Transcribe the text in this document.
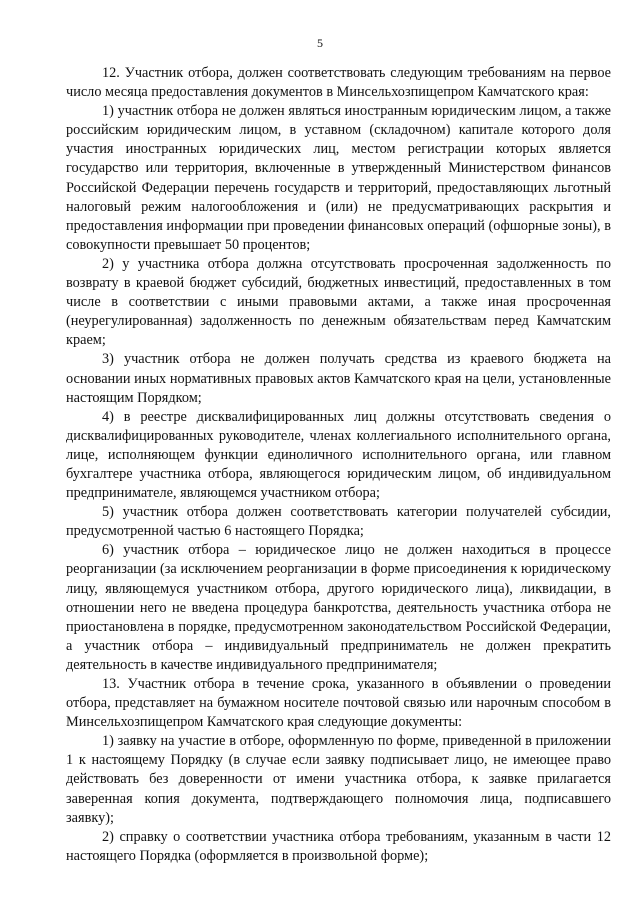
5

12. Участник отбора, должен соответствовать следующим требованиям на первое число месяца предоставления документов в Минсельхозпищепром Камчатского края:

1) участник отбора не должен являться иностранным юридическим лицом, а также российским юридическим лицом, в уставном (складочном) капитале которого доля участия иностранных юридических лиц, местом регистрации которых является государство или территория, включенные в утвержденный Министерством финансов Российской Федерации перечень государств и территорий, предоставляющих льготный налоговый режим налогообложения и (или) не предусматривающих раскрытия и предоставления информации при проведении финансовых операций (офшорные зоны), в совокупности превышает 50 процентов;

2) у участника отбора должна отсутствовать просроченная задолженность по возврату в краевой бюджет субсидий, бюджетных инвестиций, предоставленных в том числе в соответствии с иными правовыми актами, а также иная просроченная (неурегулированная) задолженность по денежным обязательствам перед Камчатским краем;

3) участник отбора не должен получать средства из краевого бюджета на основании иных нормативных правовых актов Камчатского края на цели, установленные настоящим Порядком;

4) в реестре дисквалифицированных лиц должны отсутствовать сведения о дисквалифицированных руководителе, членах коллегиального исполнительного органа, лице, исполняющем функции единоличного исполнительного органа, или главном бухгалтере участника отбора, являющегося юридическим лицом, об индивидуальном предпринимателе, являющемся участником отбора;

5) участник отбора должен соответствовать категории получателей субсидии, предусмотренной частью 6 настоящего Порядка;

6) участник отбора – юридическое лицо не должен находиться в процессе реорганизации (за исключением реорганизации в форме присоединения к юридическому лицу, являющемуся участником отбора, другого юридического лица), ликвидации, в отношении него не введена процедура банкротства, деятельность участника отбора не приостановлена в порядке, предусмотренном законодательством Российской Федерации, а участник отбора – индивидуальный предприниматель не должен прекратить деятельность в качестве индивидуального предпринимателя;

13. Участник отбора в течение срока, указанного в объявлении о проведении отбора, представляет на бумажном носителе почтовой связью или нарочным способом в Минсельхозпищепром Камчатского края следующие документы:

1) заявку на участие в отборе, оформленную по форме, приведенной в приложении 1 к настоящему Порядку (в случае если заявку подписывает лицо, не имеющее право действовать без доверенности от имени участника отбора, к заявке прилагается заверенная копия документа, подтверждающего полномочия лица, подписавшего заявку);

2) справку о соответствии участника отбора требованиям, указанным в части 12 настоящего Порядка (оформляется в произвольной форме);
